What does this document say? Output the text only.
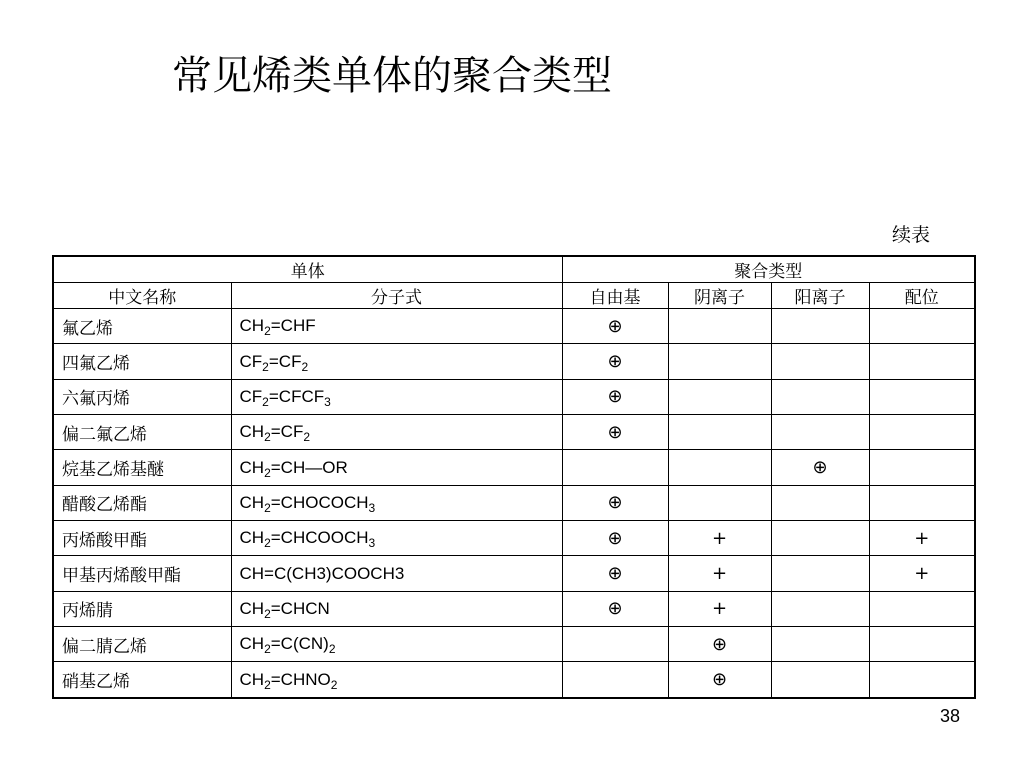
常见烯类单体的聚合类型
续表
单体		聚合类型			
中文名称	分子式	自由基	阴离子	阳离子	配位
氟乙烯	$CH_2=CHF$	⊕			
四氟乙烯	$CF_2=CF_2$	⊕			
六氟丙烯	$CF_2=CFCF_3$	⊕			
偏二氟乙烯	$CH_2=CF_2$	⊕			
烷基乙烯基醚	$CH_2=CH—OR$			⊕	
醋酸乙烯酯	$CH_2=CHOCOCH_3$	⊕			
丙烯酸甲酯	$CH_2=CHCOOCH_3$	⊕	+		+
甲基丙烯酸甲酯	CH=C(CH3)COOCH3	⊕	+		+
丙烯腈	$CH_2=CHCN$	⊕	+		
偏二腈乙烯	$CH_2=C(CN)_2$		⊕		
硝基乙烯	$CH_2=CHNO_2$		⊕		
38
